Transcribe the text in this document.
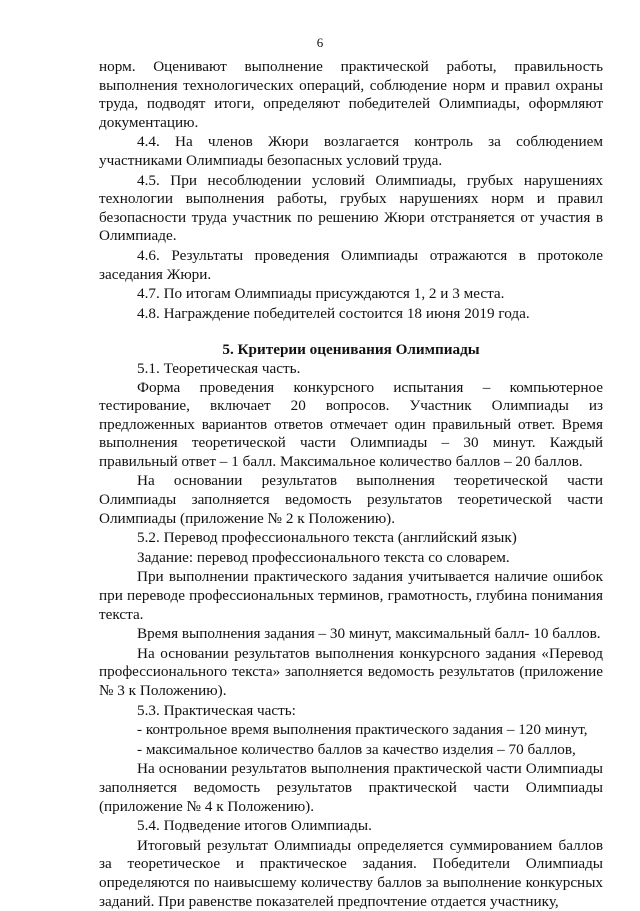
6

норм. Оценивают выполнение практической работы, правильность выполнения технологических операций, соблюдение норм и правил охраны труда, подводят итоги, определяют победителей Олимпиады, оформляют документацию.

4.4. На членов Жюри возлагается контроль за соблюдением участниками Олимпиады безопасных условий труда.

4.5. При несоблюдении условий Олимпиады, грубых нарушениях технологии выполнения работы, грубых нарушениях норм и правил безопасности труда участник по решению Жюри отстраняется от участия в Олимпиаде.

4.6. Результаты проведения Олимпиады отражаются в протоколе заседания Жюри.

4.7. По итогам Олимпиады присуждаются 1, 2 и 3 места.

4.8. Награждение победителей состоится 18 июня 2019 года.

5. Критерии оценивания Олимпиады

5.1. Теоретическая часть.

Форма проведения конкурсного испытания – компьютерное тестирование, включает 20 вопросов. Участник Олимпиады из предложенных вариантов ответов отмечает один правильный ответ. Время выполнения теоретической части Олимпиады – 30 минут. Каждый правильный ответ – 1 балл. Максимальное количество баллов – 20 баллов.

На основании результатов выполнения теоретической части Олимпиады заполняется ведомость результатов теоретической части Олимпиады (приложение № 2 к Положению).

5.2. Перевод профессионального текста (английский язык)

Задание: перевод профессионального текста со словарем.

При выполнении практического задания учитывается наличие ошибок при переводе профессиональных терминов, грамотность, глубина понимания текста.

Время выполнения задания – 30 минут, максимальный балл- 10 баллов.

На основании результатов выполнения конкурсного задания «Перевод профессионального текста» заполняется ведомость результатов (приложение № 3 к Положению).

5.3. Практическая часть:

- контрольное время выполнения практического задания – 120 минут,

- максимальное количество баллов за качество изделия – 70 баллов,

На основании результатов выполнения практической части Олимпиады заполняется ведомость результатов практической части Олимпиады (приложение № 4 к Положению).

5.4. Подведение итогов Олимпиады.

Итоговый результат Олимпиады определяется суммированием баллов за теоретическое и практическое задания. Победители Олимпиады определяются по наивысшему количеству баллов за выполнение конкурсных заданий. При равенстве показателей предпочтение отдается участнику,
